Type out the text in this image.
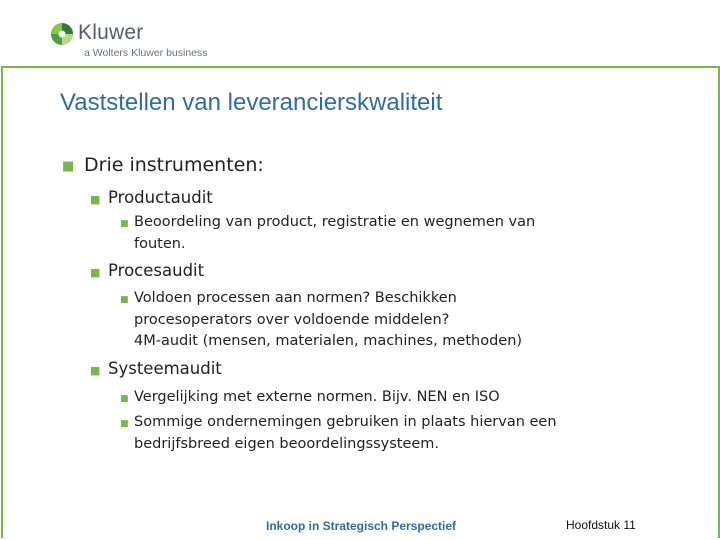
Kluwer
a Wolters Kluwer business
Vaststellen van leverancierskwaliteit
■ Drie instrumenten:
■ Productaudit
■ Beoordeling van product, registratie en wegnemen van
fouten.
■ Procesaudit
■ Voldoen processen aan normen? Beschikken
procesoperators over voldoende middelen?
4M-audit (mensen, materialen, machines, methoden)
■ Systeemaudit
■ Vergelijking met externe normen. Bijv. NEN en ISO
■ Sommige ondernemingen gebruiken in plaats hiervan een
bedrijfsbreed eigen beoordelingssysteem.
Inkoop in Strategisch Perspectief	Hoofdstuk 11
